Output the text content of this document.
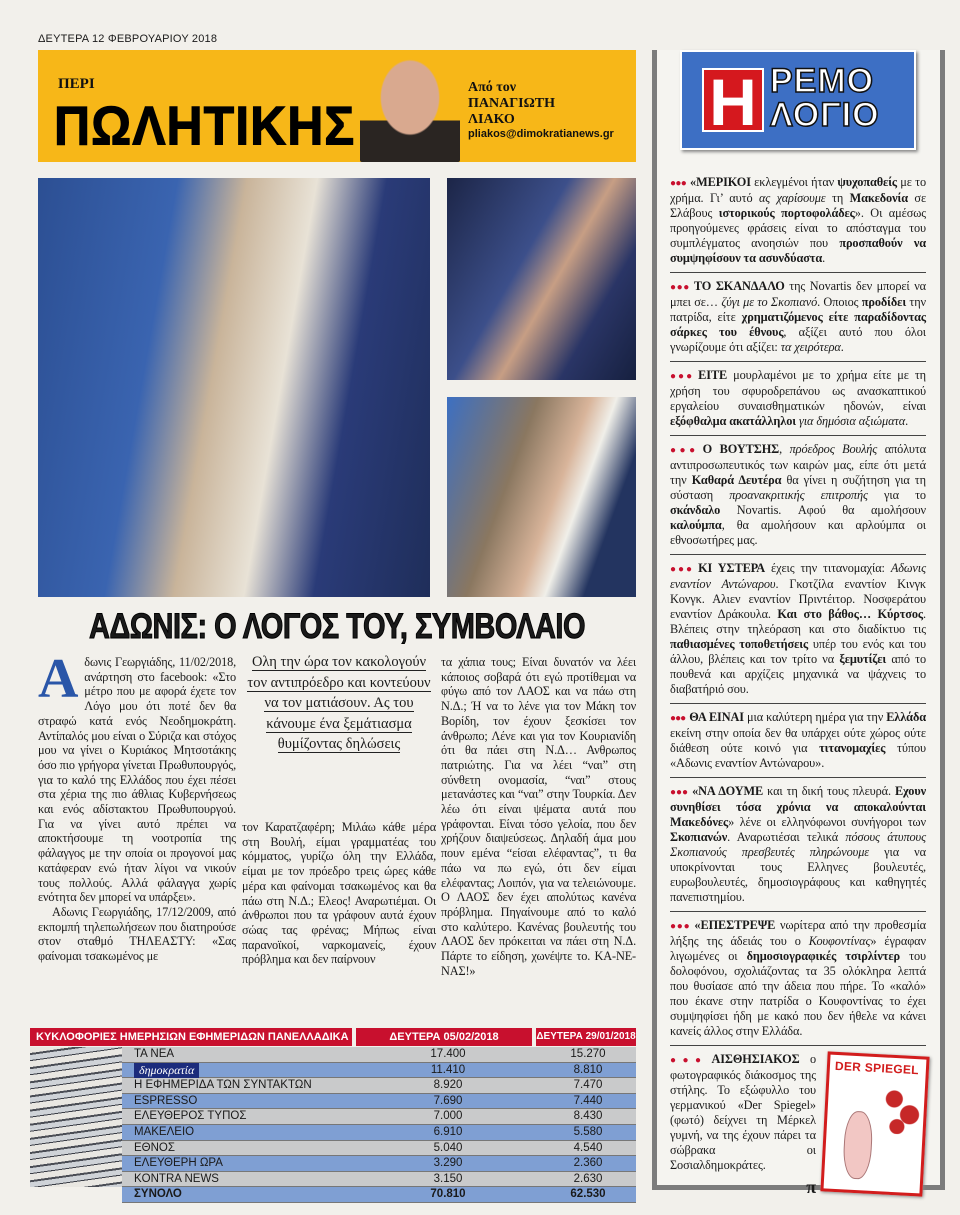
ΔΕΥΤΕΡΑ 12 ΦΕΒΡΟΥΑΡΙΟΥ 2018
ΠΕΡΙ
ΠΩΛΗΤΙΚΗΣ
Από τον
ΠΑΝΑΓΙΩΤΗ
ΛΙΑΚΟ
pliakos@dimokratianews.gr
ΑΔΩΝΙΣ: Ο ΛΟΓΟΣ ΤΟΥ, ΣΥΜΒΟΛΑΙΟ

Αδωνις Γεωργιάδης, 11/02/2018, ανάρτηση στο facebook: «Στο μέτρο που με αφορά έχετε τον Λόγο μου ότι ποτέ δεν θα στραφώ κατά ενός Νεοδημοκράτη. Αντίπαλός μου είναι ο Σύριζα και στόχος μου να γίνει ο Κυριάκος Μητσοτάκης όσο πιο γρήγορα γίνεται Πρωθυπουργός, για το καλό της Ελλάδος που έχει πέσει στα χέρια της πιο άθλιας Κυβερνήσεως και ενός αδίστακτου Πρωθυπουργού. Για να γίνει αυτό πρέπει να αποκτήσουμε τη νοοτροπία της φάλαγγος με την οποία οι προγονοί μας κατάφεραν ενώ ήταν λίγοι να νικούν τους πολλούς. Αλλά φάλαγγα χωρίς ενότητα δεν μπορεί να υπάρξει».

Αδωνις Γεωργιάδης, 17/12/2009, από εκπομπή τηλεπωλήσεων που διατηρούσε στον σταθμό ΤΗΛΕΑΣΤΥ: «Σας φαίνομαι τσακωμένος με

Ολη την ώρα τον κακολογούν τον αντιπρόεδρο και κοντεύουν να τον ματιάσουν. Ας του κάνουμε ένα ξεμάτιασμα θυμίζοντας δηλώσεις

τον Καρατζαφέρη; Μιλάω κάθε μέρα στη Βουλή, είμαι γραμματέας του κόμματος, γυρίζω όλη την Ελλάδα, είμαι με τον πρόεδρο τρεις ώρες κάθε μέρα και φαίνομαι τσακωμένος και θα πάω στη Ν.Δ.; Ελεος! Αναρωτιέμαι. Οι άνθρωποι που τα γράφουν αυτά έχουν σώας τας φρένας; Μήπως είναι παρανοϊκοί, ναρκομανείς, έχουν πρόβλημα και δεν παίρνουν

τα χάπια τους; Είναι δυνατόν να λέει κάποιος σοβαρά ότι εγώ προτίθεμαι να φύγω από τον ΛΑΟΣ και να πάω στη Ν.Δ.; Ή να το λένε για τον Μάκη τον Βορίδη, τον έχουν ξεσκίσει τον άνθρωπο; Λένε και για τον Κουριανίδη ότι θα πάει στη Ν.Δ… Ανθρωπος πατριώτης. Για να λέει “ναι” στη σύνθετη ονομασία, “ναι” στους μετανάστες και “ναι” στην Τουρκία. Δεν λέω ότι είναι ψέματα αυτά που γράφονται. Είναι τόσο γελοία, που δεν χρήζουν διαψεύσεως. Δηλαδή άμα μου πουν εμένα “είσαι ελέφαντας”, τι θα πάω να πω εγώ, ότι δεν είμαι ελέφαντας; Λοιπόν, για να τελειώνουμε. Ο ΛΑΟΣ δεν έχει απολύτως κανένα πρόβλημα. Πηγαίνουμε από το καλό στο καλύτερο. Κανένας βουλευτής του ΛΑΟΣ δεν πρόκειται να πάει στη Ν.Δ. Πάρτε το είδηση, χωνέψτε το. ΚΑ-ΝΕ-ΝΑΣ!»

ΚΥΚΛΟΦΟΡΙΕΣ ΗΜΕΡΗΣΙΩΝ ΕΦΗΜΕΡΙΔΩΝ ΠΑΝΕΛΛΑΔΙΚΑ	ΔΕΥΤΕΡΑ 05/02/2018	ΔΕΥΤΕΡΑ 29/01/2018
ΤΑ ΝΕΑ	17.400	15.270
δημοκρατία	11.410	8.810
Η ΕΦΗΜΕΡΙΔΑ ΤΩΝ ΣΥΝΤΑΚΤΩΝ	8.920	7.470
ESPRESSO	7.690	7.440
ΕΛΕΥΘΕΡΟΣ ΤΥΠΟΣ	7.000	8.430
ΜΑΚΕΛΕΙΟ	6.910	5.580
ΕΘΝΟΣ	5.040	4.540
ΕΛΕΥΘΕΡΗ ΩΡΑ	3.290	2.360
KONTRA NEWS	3.150	2.630
ΣΥΝΟΛΟ	70.810	62.530
Η ΡΕΜΟ
ΛΟΓΙΟ
●●● «ΜΕΡΙΚΟΙ εκλεγμένοι ήταν ψυχοπαθείς με το χρήμα. Γι’ αυτό ας χαρίσουμε τη Μακεδονία σε Σλάβους ιστορικούς πορτοφολάδες». Οι αμέσως προηγούμενες φράσεις είναι το απόσταγμα του συμπλέγματος ανοησιών που προσπαθούν να συμψηφίσουν τα ασυνδύαστα.
●●● ΤΟ ΣΚΑΝΔΑΛΟ της Novartis δεν μπορεί να μπει σε… ζύγι με το Σκοπιανό. Οποιος προδίδει την πατρίδα, είτε χρηματιζόμενος είτε παραδίδοντας σάρκες του έθνους, αξίζει αυτό που όλοι γνωρίζουμε ότι αξίζει: τα χειρότερα.
●●● ΕΙΤΕ μουρλαμένοι με το χρήμα είτε με τη χρήση του σφυροδρεπάνου ως ανασκαπτικού εργαλείου συναισθηματικών ηδονών, είναι εξόφθαλμα ακατάλληλοι για δημόσια αξιώματα.
●●● Ο ΒΟΥΤΣΗΣ, πρόεδρος Βουλής απόλυτα αντιπροσωπευτικός των καιρών μας, είπε ότι μετά την Καθαρά Δευτέρα θα γίνει η συζήτηση για τη σύσταση προανακριτικής επιτροπής για το σκάνδαλο Novartis. Αφού θα αμολήσουν καλούμπα, θα αμολήσουν και αρλούμπα οι εθνοσωτήρες μας.
●●● ΚΙ ΥΣΤΕΡΑ έχεις την τιτανομαχία: Αδωνις εναντίον Αντώναρου. Γκοτζίλα εναντίον Κινγκ Κονγκ. Αλιεν εναντίον Πρ​ιντέιτορ. Νοσφεράτου εναντίον Δράκουλα. Και στο βάθος… Κύρτσος. Βλέπεις στην τηλεόραση και στο διαδίκτυο τις παθιασμένες τοποθετήσεις υπέρ του ενός και του άλλου, βλέπεις και τον τρίτο να ξεμυτίζει από το πουθενά και αρχίζεις μηχανικά να ψάχνεις το διαβατήριό σου.
●●● ΘΑ ΕΙΝΑΙ μια καλύτερη ημέρα για την Ελλάδα εκείνη στην οποία δεν θα υπάρχει ούτε χώρος ούτε διάθεση ούτε κοινό για τιτανομαχίες τύπου «Αδωνις εναντίον Αντώναρου».
●●● «ΝΑ ΔΟΥΜΕ και τη δική τους πλευρά. Εχουν συνηθίσει τόσα χρόνια να αποκαλούνται Μακεδόνες» λένε οι ελληνόφωνοι συνήγοροι των Σκοπιανών. Αναρωτιέσαι τελικά πόσους άτυπους Σκοπιανούς πρεσβευτές πληρώνουμε για να υποκρίνονται τους Ελληνες βουλευτές, ευρωβουλευτές, δημοσιογράφους και καθηγητές πανεπιστημίου.
●●● «ΕΠΕΣΤΡΕΨΕ νωρίτερα από την προθεσμία λήξης της άδειάς του ο Κουφοντίνας» έγραφαν λιγωμένες οι δημοσιογραφικές τσιρλίντερ του δολοφόνου, σχολιάζοντας τα 35 ολόκληρα λεπτά που θυσίασε από την άδεια που πήρε. Το «καλό» που έκανε στην πατρίδα ο Κουφοντίνας το έχει συμψηφίσει ήδη με κακό που δεν ήθελε να κάνει κανείς άλλος στην Ελλάδα.
●●● ΑΙΣΘΗΣΙΑΚΟΣ ο φωτογραφικός διάκοσμος της στήλης. Το εξώφυλλο του γερμανικού «Der Spiegel» (φωτό) δείχνει τη Μέρκελ γυμνή, να της έχουν πάρει τα σώβρακα οι Σοσιαλδημοκράτες.
π
DER SPIEGEL
